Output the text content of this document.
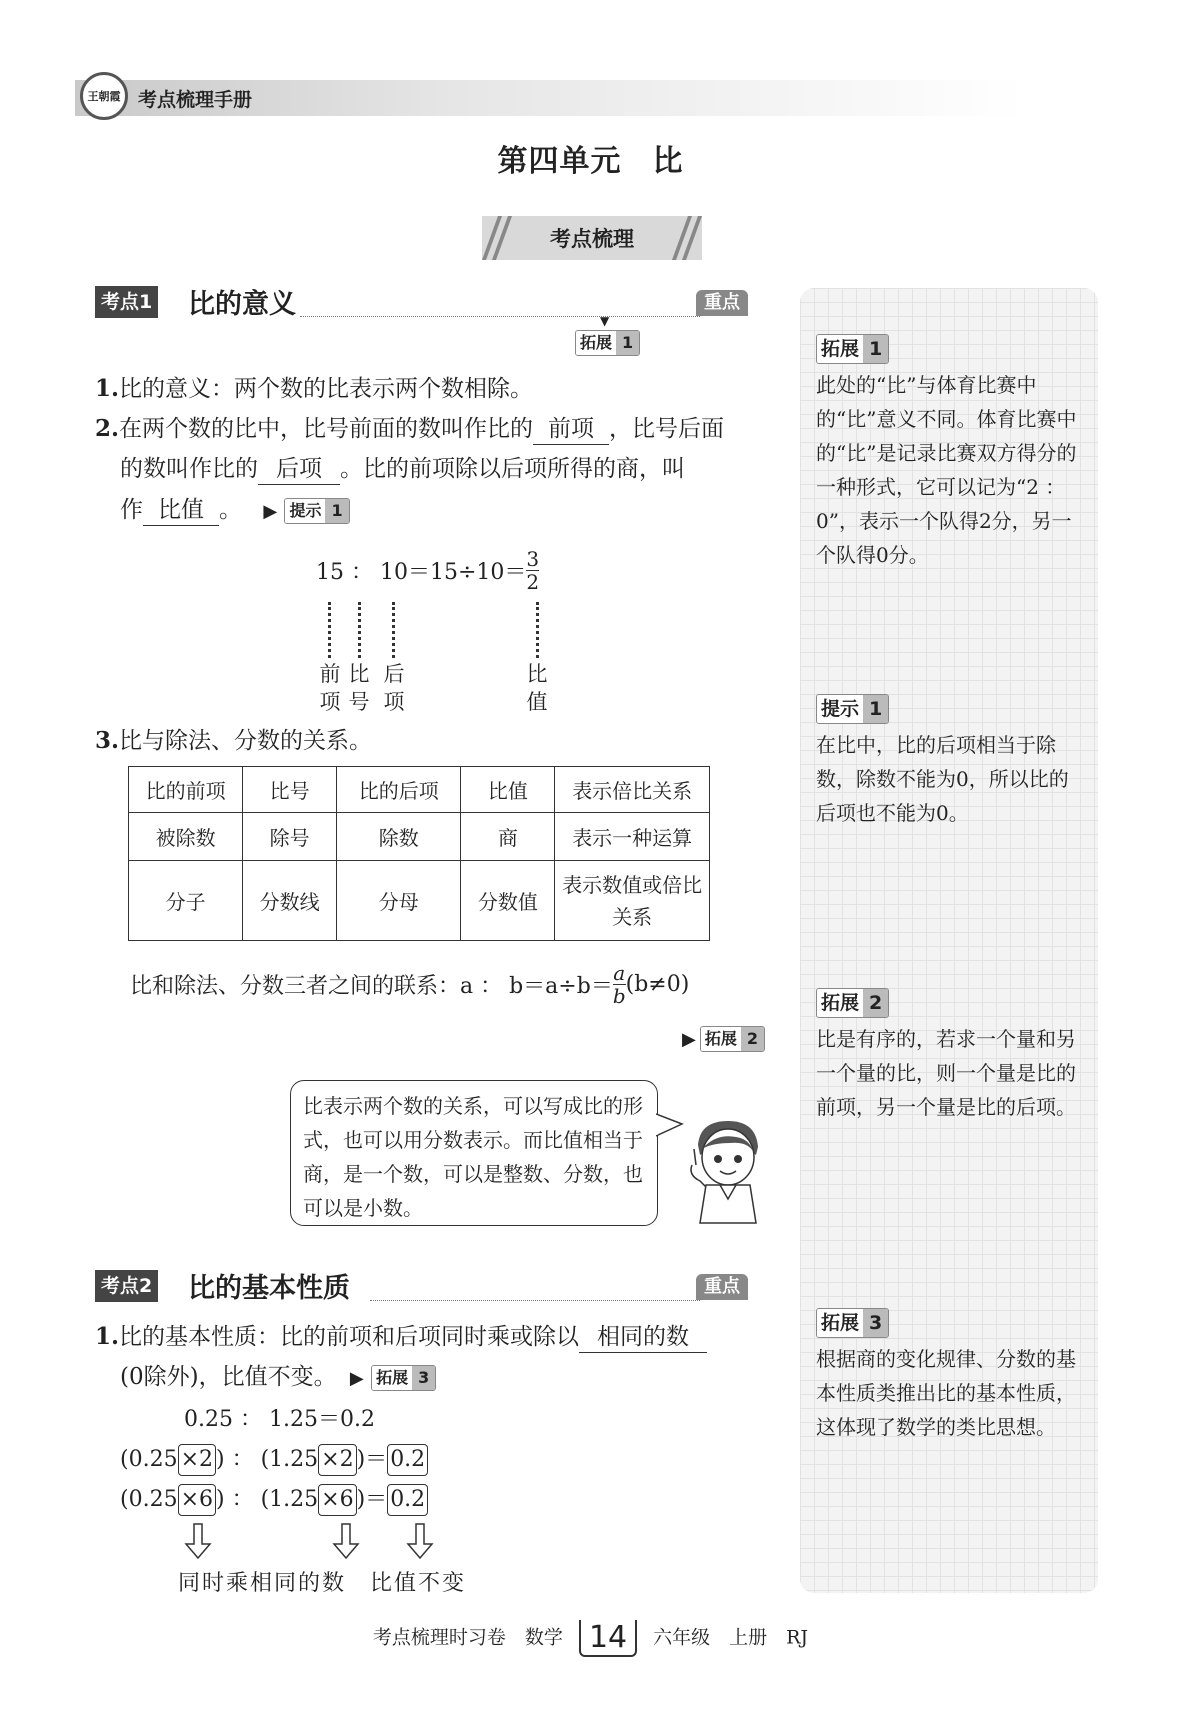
王朝霞 考点梳理手册
第四单元　比
考点梳理
考点1 比的意义	重点
▼
拓展 1
1.比的意义：两个数的比表示两个数相除。
2.在两个数的比中，比号前面的数叫作比的 前项 ，比号后面
的数叫作比的 后项 。比的前项除以后项所得的商，叫
作 比值 。 ▶ 提示 1
15 ： $10=15\div 10= \frac{3}{2}$
前
项
比
号
后
项
比
值
3.比与除法、分数的关系。
比的前项	比号	比的后项	比值	表示倍比关系
被除数	除号	除数	商	表示一种运算
分子	分数线	分母	分数值	表示数值或倍比关系
比和除法、分数三者之间的联系：a ： $b=a\div b= \frac{a}{b} (b\ne 0)$
▶ 拓展 2
比表示两个数的关系，可以写成比的形式，也可以用分数表示。而比值相当于商，是一个数，可以是整数、分数，也可以是小数。
考点2 比的基本性质	重点
1.比的基本性质：比的前项和后项同时乘或除以 相同的数
(0除外)，比值不变。 ▶ 拓展 3
0.25 ： 1.25＝0.2
(0.25 ×2 ) ： (1.25 ×2 )＝ 0.2
(0.25 ×6 ) ： (1.25 ×6 )＝ 0.2
同时乘相同的数　比值不变
拓展 1
此处的“比”与体育比赛中的“比”意义不同。体育比赛中的“比”是记录比赛双方得分的一种形式，它可以记为“2 ： 0”，表示一个队得2分，另一个队得0分。
提示 1
在比中，比的后项相当于除数，除数不能为0，所以比的后项也不能为0。
拓展 2
比是有序的，若求一个量和另一个量的比，则一个量是比的前项，另一个量是比的后项。
拓展 3
根据商的变化规律、分数的基本性质类推出比的基本性质，这体现了数学的类比思想。
考点梳理时习卷　数学 14 六年级　上册　RJ
